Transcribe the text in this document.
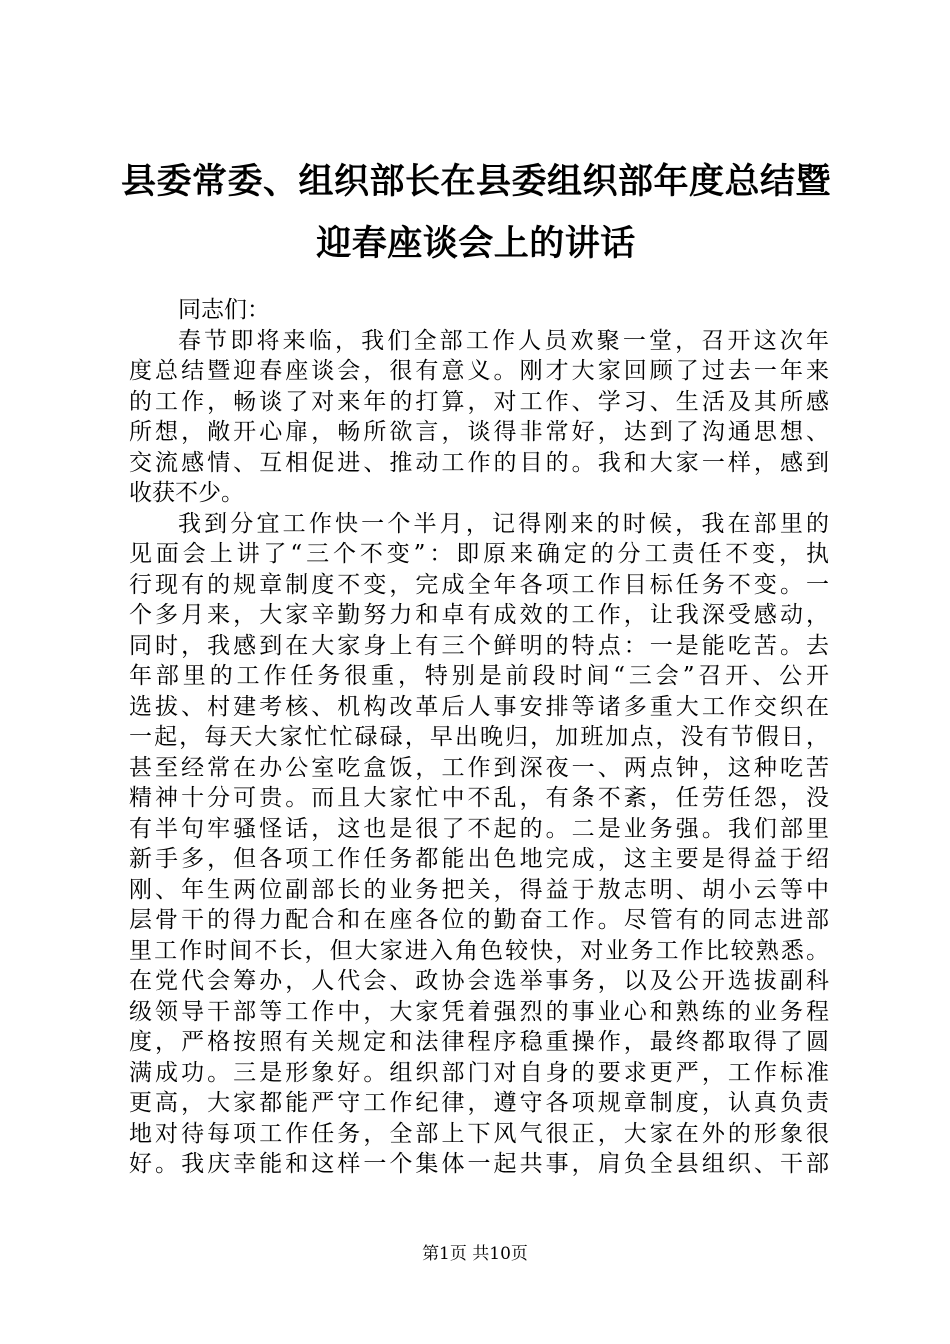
县委常委、组织部长在县委组织部年度总结暨
迎春座谈会上的讲话
同志们：
春节即将来临，我们全部工作人员欢聚一堂，召开这次年
度总结暨迎春座谈会，很有意义。刚才大家回顾了过去一年来
的工作，畅谈了对来年的打算，对工作、学习、生活及其所感
所想，敞开心扉，畅所欲言，谈得非常好，达到了沟通思想、
交流感情、互相促进、推动工作的目的。我和大家一样，感到
收获不少。
我到分宜工作快一个半月，记得刚来的时候，我在部里的
见面会上讲了“三个不变”：即原来确定的分工责任不变，执
行现有的规章制度不变，完成全年各项工作目标任务不变。一
个多月来，大家辛勤努力和卓有成效的工作，让我深受感动，
同时，我感到在大家身上有三个鲜明的特点：一是能吃苦。去
年部里的工作任务很重，特别是前段时间“三会”召开、公开
选拔、村建考核、机构改革后人事安排等诸多重大工作交织在
一起，每天大家忙忙碌碌，早出晚归，加班加点，没有节假日，
甚至经常在办公室吃盒饭，工作到深夜一、两点钟，这种吃苦
精神十分可贵。而且大家忙中不乱，有条不紊，任劳任怨，没
有半句牢骚怪话，这也是很了不起的。二是业务强。我们部里
新手多，但各项工作任务都能出色地完成，这主要是得益于绍
刚、年生两位副部长的业务把关，得益于敖志明、胡小云等中
层骨干的得力配合和在座各位的勤奋工作。尽管有的同志进部
里工作时间不长，但大家进入角色较快，对业务工作比较熟悉。
在党代会筹办，人代会、政协会选举事务，以及公开选拔副科
级领导干部等工作中，大家凭着强烈的事业心和熟练的业务程
度，严格按照有关规定和法律程序稳重操作，最终都取得了圆
满成功。三是形象好。组织部门对自身的要求更严，工作标准
更高，大家都能严守工作纪律，遵守各项规章制度，认真负责
地对待每项工作任务，全部上下风气很正，大家在外的形象很
好。我庆幸能和这样一个集体一起共事，肩负全县组织、干部
第1页 共10页
